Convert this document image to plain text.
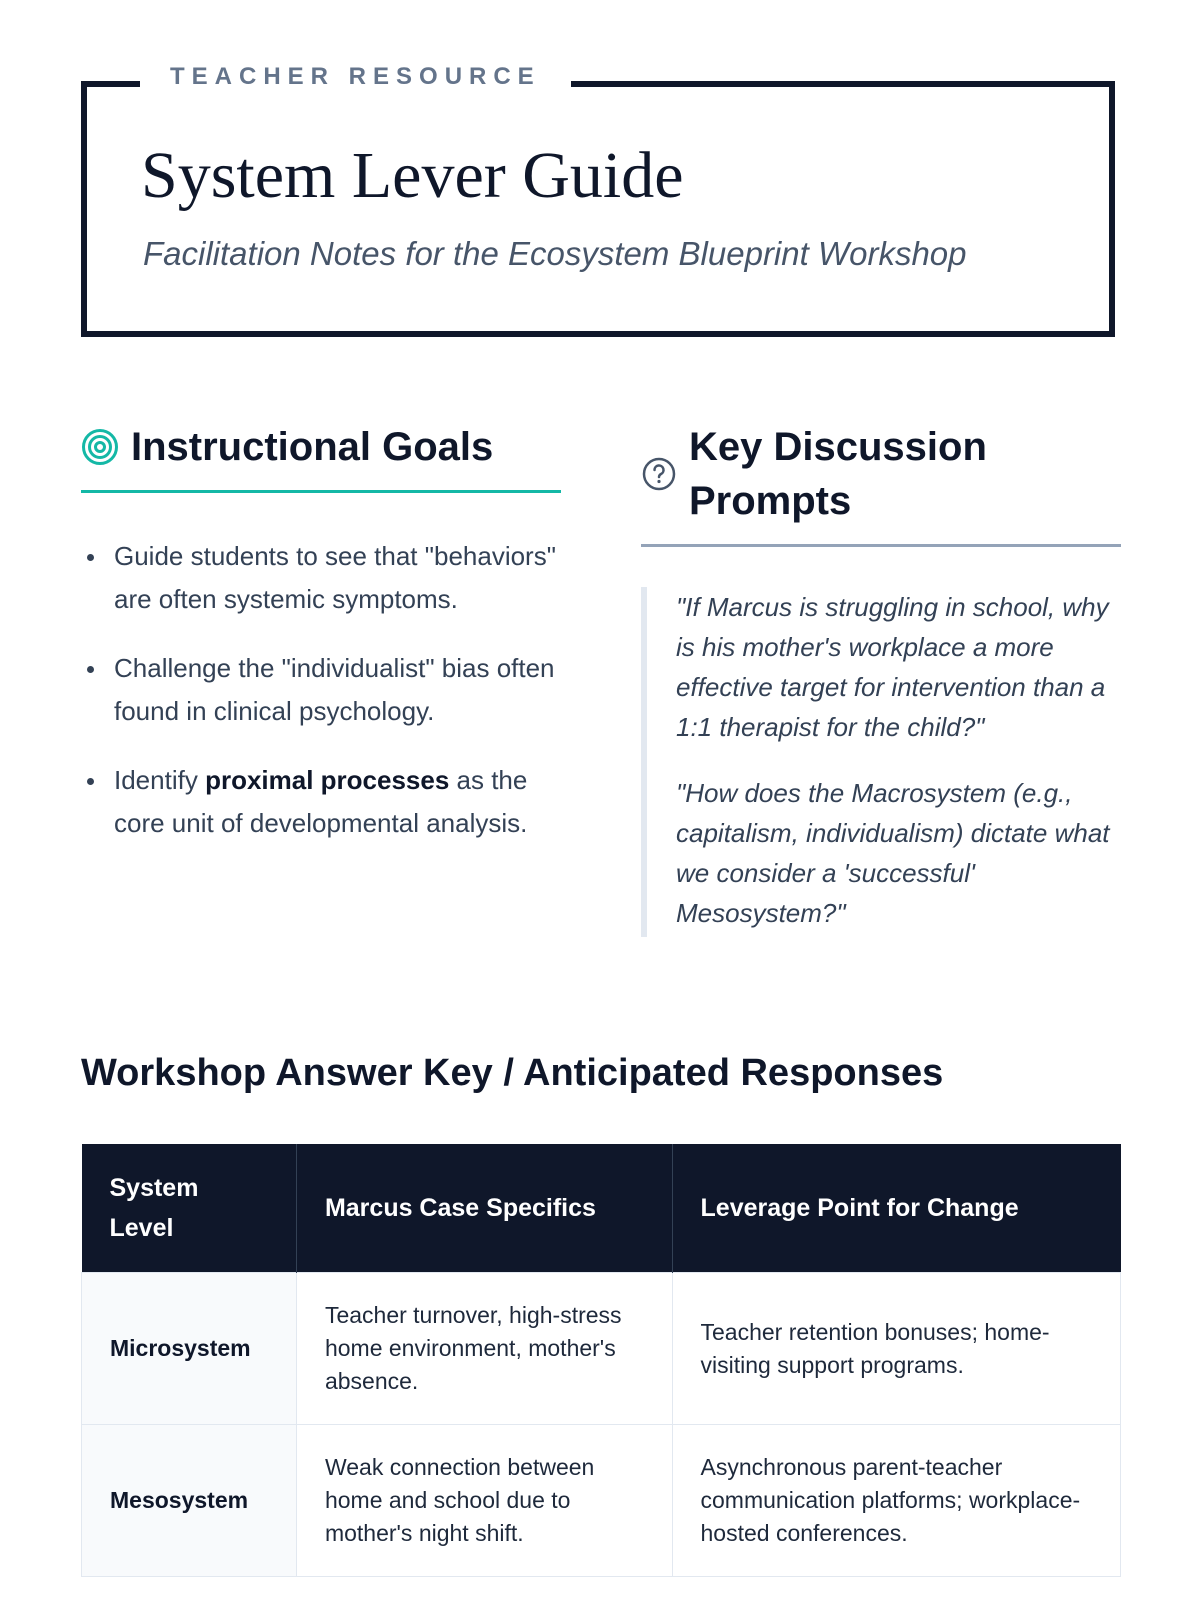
TEACHER RESOURCE
System Lever Guide
Facilitation Notes for the Ecosystem Blueprint Workshop
Instructional Goals
Guide students to see that "behaviors" are often systemic symptoms.
Challenge the "individualist" bias often found in clinical psychology.
Identify proximal processes as the core unit of developmental analysis.
Key Discussion Prompts

"If Marcus is struggling in school, why is his mother's workplace a more effective target for intervention than a 1:1 therapist for the child?"

"How does the Macrosystem (e.g., capitalism, individualism) dictate what we consider a 'successful' Mesosystem?"

Workshop Answer Key / Anticipated Responses
System Level	Marcus Case Specifics	Leverage Point for Change
Microsystem	Teacher turnover, high-stress home environment, mother's absence.	Teacher retention bonuses; home-visiting support programs.
Mesosystem	Weak connection between home and school due to mother's night shift.	Asynchronous parent-teacher communication platforms; workplace-hosted conferences.
